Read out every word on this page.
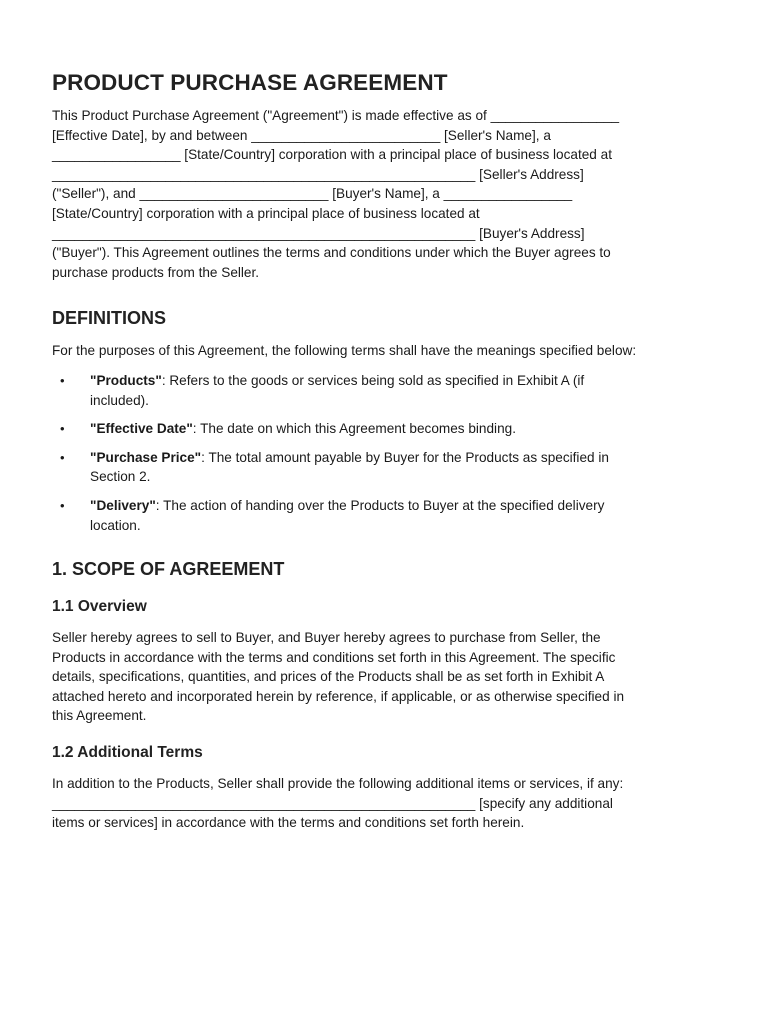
PRODUCT PURCHASE AGREEMENT

This Product Purchase Agreement ("Agreement") is made effective as of _________________

[Effective Date], by and between _________________________ [Seller's Name], a

_________________ [State/Country] corporation with a principal place of business located at

________________________________________________________ [Seller's Address]

("Seller"), and _________________________ [Buyer's Name], a _________________

[State/Country] corporation with a principal place of business located at

________________________________________________________ [Buyer's Address]

("Buyer"). This Agreement outlines the terms and conditions under which the Buyer agrees to

purchase products from the Seller.

DEFINITIONS

For the purposes of this Agreement, the following terms shall have the meanings specified below:

• "Products": Refers to the goods or services being sold as specified in Exhibit A (if
included).
• "Effective Date": The date on which this Agreement becomes binding.
• "Purchase Price": The total amount payable by Buyer for the Products as specified in
Section 2.
• "Delivery": The action of handing over the Products to Buyer at the specified delivery
location.
1. SCOPE OF AGREEMENT
1.1 Overview

Seller hereby agrees to sell to Buyer, and Buyer hereby agrees to purchase from Seller, the

Products in accordance with the terms and conditions set forth in this Agreement. The specific

details, specifications, quantities, and prices of the Products shall be as set forth in Exhibit A

attached hereto and incorporated herein by reference, if applicable, or as otherwise specified in

this Agreement.

1.2 Additional Terms

In addition to the Products, Seller shall provide the following additional items or services, if any:

________________________________________________________ [specify any additional

items or services] in accordance with the terms and conditions set forth herein.
